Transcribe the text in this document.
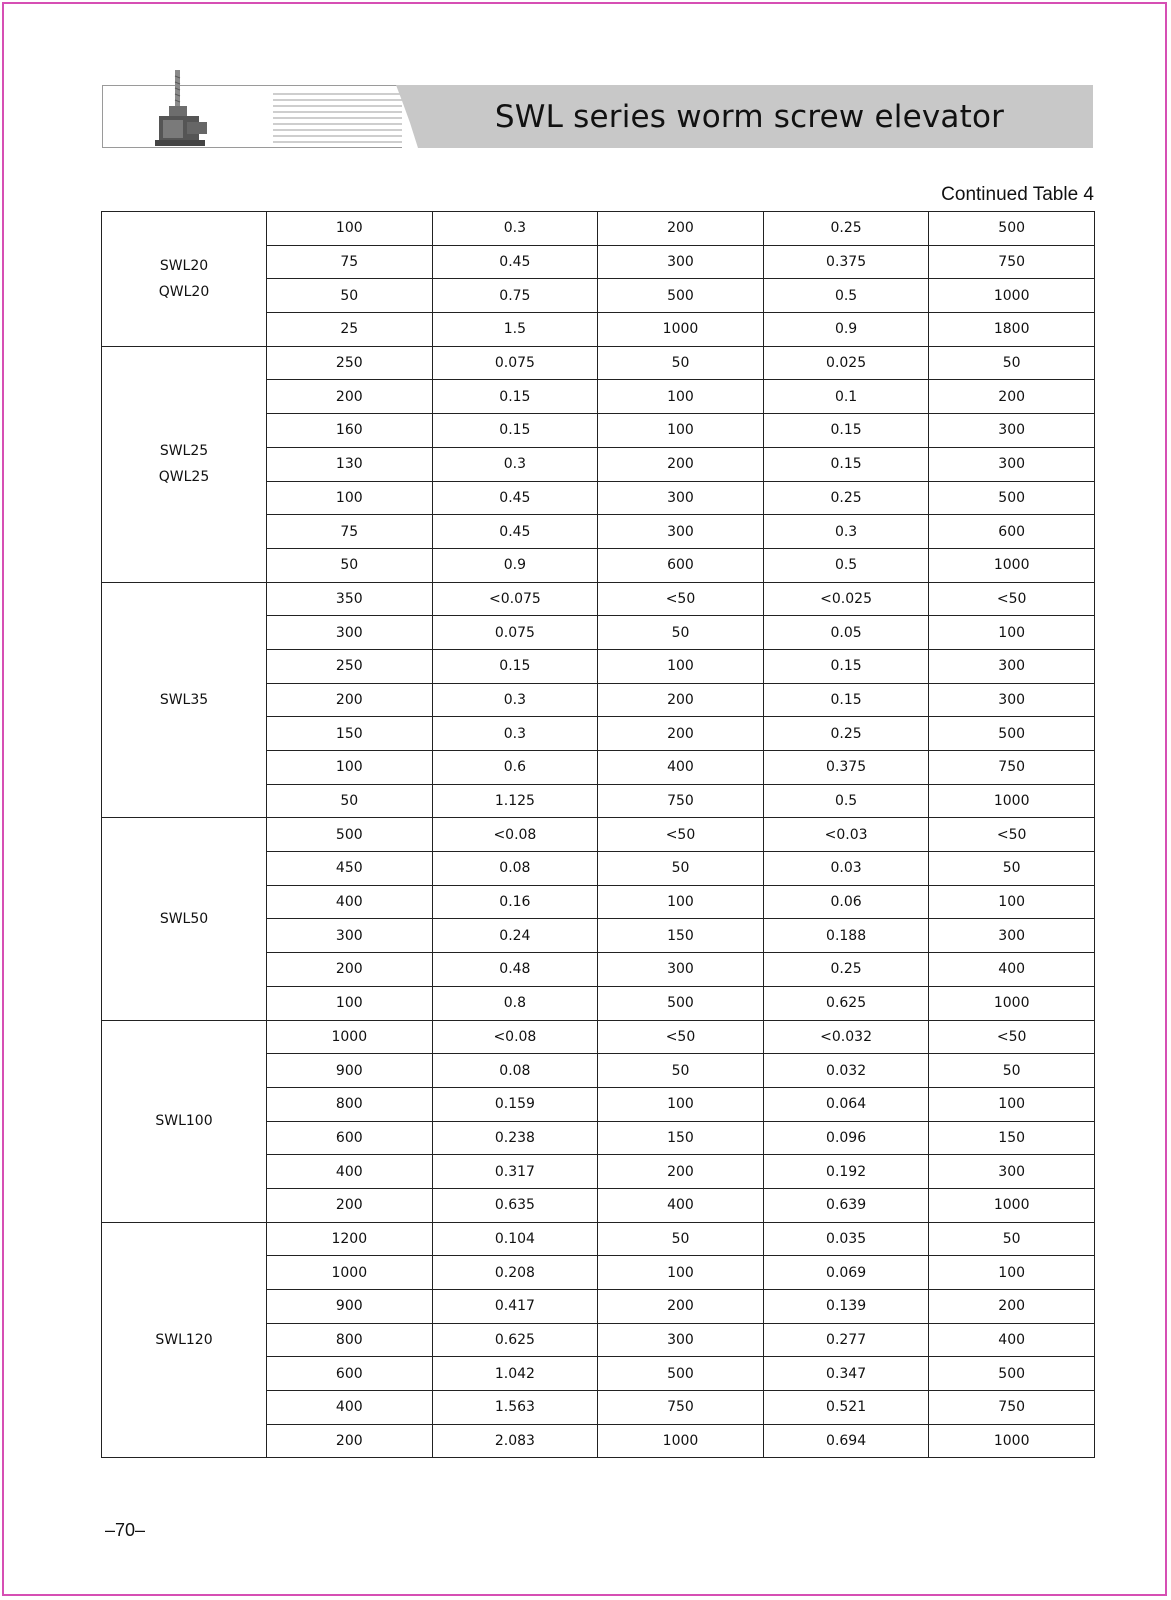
SWL series worm screw elevator
Continued Table 4
SWL20
QWL20	100	0.3	200	0.25	500
	75	0.45	300	0.375	750
	50	0.75	500	0.5	1000
	25	1.5	1000	0.9	1800

SWL25
QWL25	250	0.075	50	0.025	50
	200	0.15	100	0.1	200
	160	0.15	100	0.15	300
	130	0.3	200	0.15	300
	100	0.45	300	0.25	500
	75	0.45	300	0.3	600
	50	0.9	600	0.5	1000

SWL35	350	<0.075	<50	<0.025	<50
	300	0.075	50	0.05	100
	250	0.15	100	0.15	300
	200	0.3	200	0.15	300
	150	0.3	200	0.25	500
	100	0.6	400	0.375	750
	50	1.125	750	0.5	1000

SWL50	500	<0.08	<50	<0.03	<50
	450	0.08	50	0.03	50
	400	0.16	100	0.06	100
	300	0.24	150	0.188	300
	200	0.48	300	0.25	400
	100	0.8	500	0.625	1000

SWL100	1000	<0.08	<50	<0.032	<50
	900	0.08	50	0.032	50
	800	0.159	100	0.064	100
	600	0.238	150	0.096	150
	400	0.317	200	0.192	300
	200	0.635	400	0.639	1000

SWL120	1200	0.104	50	0.035	50
	1000	0.208	100	0.069	100
	900	0.417	200	0.139	200
	800	0.625	300	0.277	400
	600	1.042	500	0.347	500
	400	1.563	750	0.521	750
	200	2.083	1000	0.694	1000
–70–
